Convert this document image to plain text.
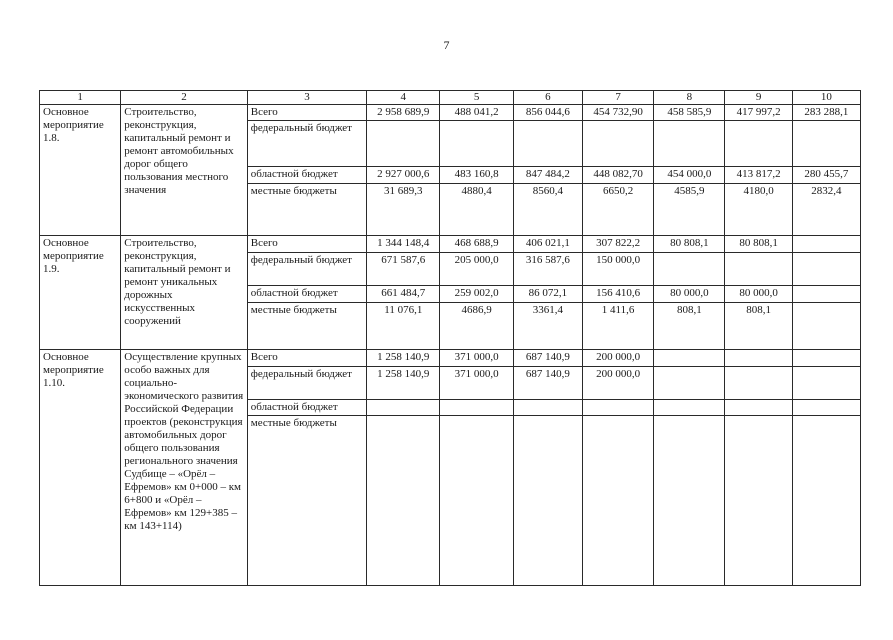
7
1	2	3	4	5	6	7	8	9	10
Основное мероприятие 1.8.	Строительство, реконструкция, капитальный ремонт и ремонт автомобильных дорог общего пользования местного значения	Всего	2 958 689,9	488 041,2	856 044,6	454 732,90	458 585,9	417 997,2	283 288,1
		федеральный бюджет							
		областной бюджет	2 927 000,6	483 160,8	847 484,2	448 082,70	454 000,0	413 817,2	280 455,7
		местные бюджеты	31 689,3	4880,4	8560,4	6650,2	4585,9	4180,0	2832,4
Основное мероприятие 1.9.	Строительство, реконструкция, капитальный ремонт и ремонт уникальных дорожных искусственных сооружений	Всего	1 344 148,4	468 688,9	406 021,1	307 822,2	80 808,1	80 808,1	
		федеральный бюджет	671 587,6	205 000,0	316 587,6	150 000,0			
		областной бюджет	661 484,7	259 002,0	86 072,1	156 410,6	80 000,0	80 000,0	
		местные бюджеты	11 076,1	4686,9	3361,4	1 411,6	808,1	808,1	
Основное мероприятие 1.10.	Осуществление крупных особо важных для социально-экономического развития Российской Федерации проектов (реконструкция автомобильных дорог общего пользования регионального значения Судбище – «Орёл – Ефремов» км 0+000 – км 6+800 и «Орёл – Ефремов» км 129+385 – км 143+114)	Всего	1 258 140,9	371 000,0	687 140,9	200 000,0			
		федеральный бюджет	1 258 140,9	371 000,0	687 140,9	200 000,0			
		областной бюджет							
		местные бюджеты							
